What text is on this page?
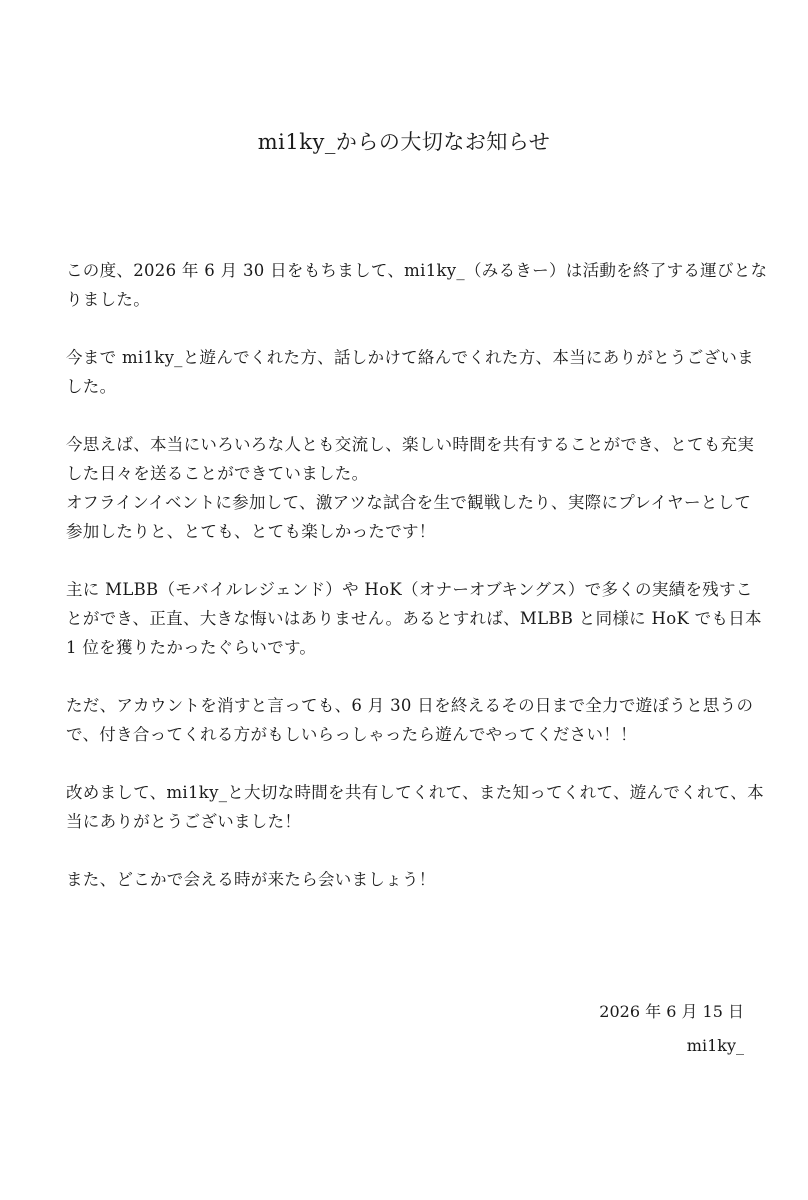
mi1ky_からの大切なお知らせ

この度、2026 年 6 月 30 日をもちまして、mi1ky_（みるきー）は活動を終了する運びとな
りました。

今まで mi1ky_と遊んでくれた方、話しかけて絡んでくれた方、本当にありがとうございま
した。

今思えば、本当にいろいろな人とも交流し、楽しい時間を共有することができ、とても充実
した日々を送ることができていました。
オフラインイベントに参加して、激アツな試合を生で観戦したり、実際にプレイヤーとして
参加したりと、とても、とても楽しかったです！

主に MLBB（モバイルレジェンド）や HoK（オナーオブキングス）で多くの実績を残すこ
とができ、正直、大きな悔いはありません。あるとすれば、MLBB と同様に HoK でも日本
1 位を獲りたかったぐらいです。

ただ、アカウントを消すと言っても、6 月 30 日を終えるその日まで全力で遊ぼうと思うの
で、付き合ってくれる方がもしいらっしゃったら遊んでやってください！！

改めまして、mi1ky_と大切な時間を共有してくれて、また知ってくれて、遊んでくれて、本
当にありがとうございました！

また、どこかで会える時が来たら会いましょう！

2026 年 6 月 15 日
mi1ky_
